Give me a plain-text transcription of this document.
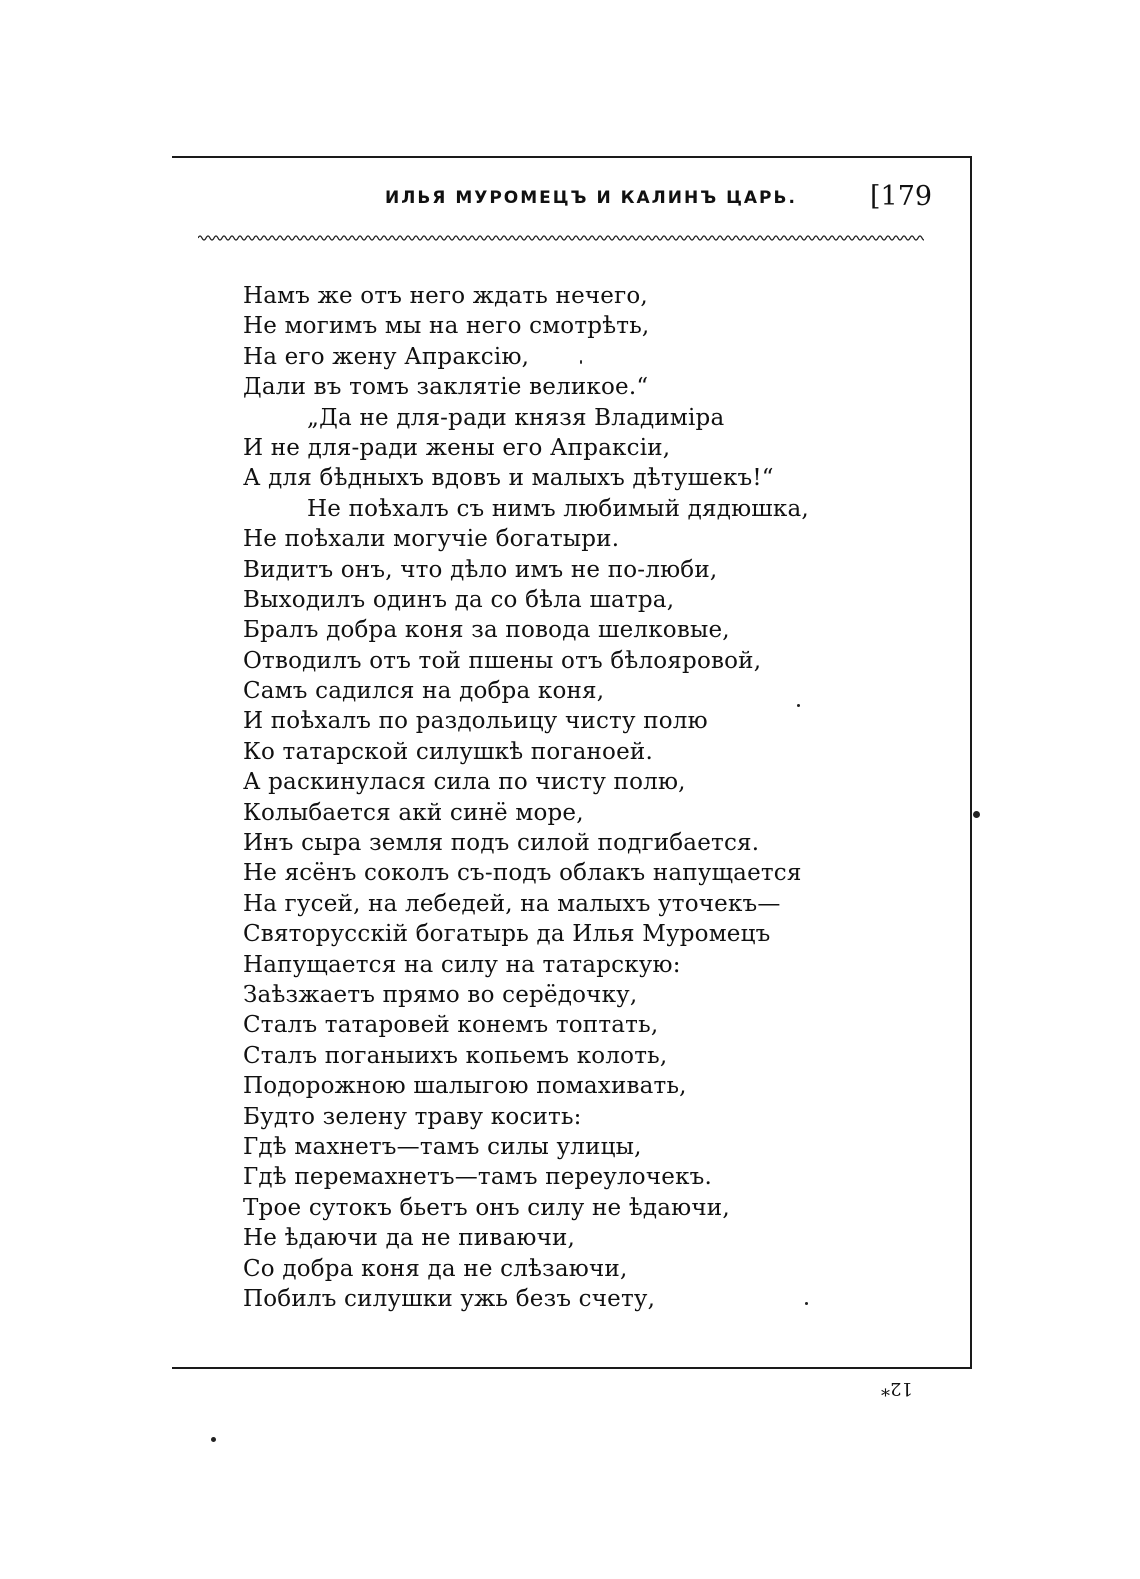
ИЛЬЯ МУРОМЕЦЪ И КАЛИНЪ ЦАРЬ.	[179
Намъ же отъ него ждать нечего,
Не могимъ мы на него смотрѣть,
На его жену Апраксію,
Дали въ томъ заклятіе великое.“
„Да не для-ради князя Владиміра
И не для-ради жены его Апраксіи,
А для бѣдныхъ вдовъ и малыхъ дѣтушекъ!“
Не поѣхалъ съ нимъ любимый дядюшка,
Не поѣхали могучіе богатыри.
Видитъ онъ, что дѣло имъ не по-люби,
Выходилъ одинъ да со бѣла шатра,
Бралъ добра коня за повода шелковые,
Отводилъ отъ той пшены отъ бѣлояровой,
Самъ садился на добра коня,
И поѣхалъ по раздольицу чисту полю
Ко татарской силушкѣ поганоей.
А раскинулася сила по чисту полю,
Колыбается акй синё море,
Инъ сыра земля подъ силой подгибается.
Не ясёнъ соколъ съ-подъ облакъ напущается
На гусей, на лебедей, на малыхъ уточекъ—
Святорусскій богатырь да Илья Муромецъ
Напущается на силу на татарскую:
Заѣзжаетъ прямо во серёдочку,
Сталъ татаровей конемъ топтать,
Сталъ поганыихъ копьемъ колоть,
Подорожною шалыгою помахивать,
Будто зелену траву косить:
Гдѣ махнетъ—тамъ силы улицы,
Гдѣ перемахнетъ—тамъ переулочекъ.
Трое сутокъ бьетъ онъ силу не ѣдаючи,
Не ѣдаючи да не пиваючи,
Со добра коня да не слѣзаючи,
Побилъ силушки ужь безъ счету,
12*
